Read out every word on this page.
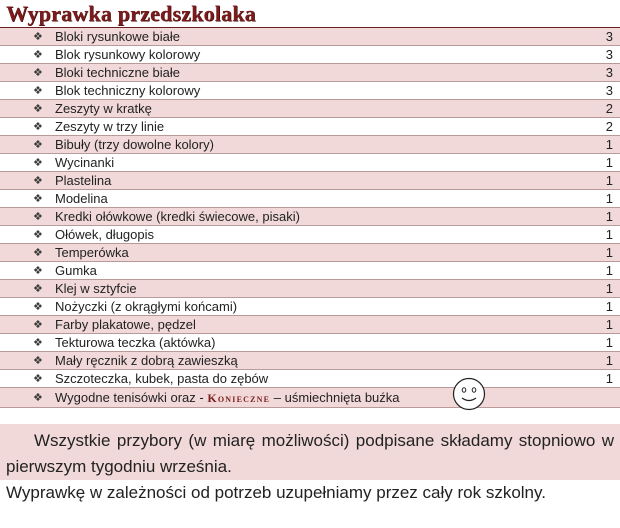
Wyprawka przedszkolaka
❖ Bloki rysunkowe białe	3
❖ Blok rysunkowy kolorowy	3
❖ Bloki techniczne białe	3
❖ Blok techniczny kolorowy	3
❖ Zeszyty w kratkę	2
❖ Zeszyty w trzy linie	2
❖ Bibuły (trzy dowolne kolory)	1
❖ Wycinanki	1
❖ Plastelina	1
❖ Modelina	1
❖ Kredki ołówkowe (kredki świecowe, pisaki)	1
❖ Ołówek, długopis	1
❖ Temperówka	1
❖ Gumka	1
❖ Klej w sztyfcie	1
❖ Nożyczki (z okrągłymi końcami)	1
❖ Farby plakatowe, pędzel	1
❖ Tekturowa teczka (aktówka)	1
❖ Mały ręcznik z dobrą zawieszką	1
❖ Szczoteczka, kubek, pasta do zębów	1
❖ Wygodne tenisówki oraz - Konieczne – uśmiechnięta buźka
Wszystkie przybory (w miarę możliwości) podpisane składamy stopniowo w pierwszym tygodniu września.
Wyprawkę w zależności od potrzeb uzupełniamy przez cały rok szkolny.
